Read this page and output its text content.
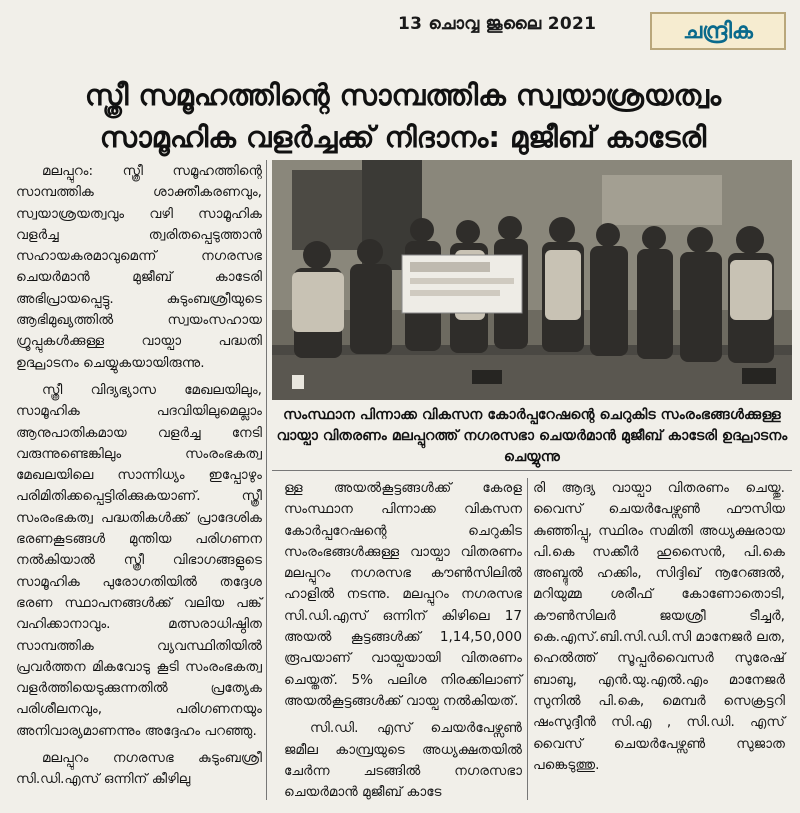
13 ചൊവ്വ ജൂലൈ 2021	ചന്ദ്രിക
സ്ത്രീ സമൂഹത്തിന്റെ സാമ്പത്തിക സ്വയാശ്രയത്വം
സാമൂഹിക വളർച്ചക്ക് നിദാനം: മുജീബ് കാടേരി

മലപ്പുറം: സ്ത്രീ സമൂഹത്തിന്റെ സാമ്പത്തിക ശാക്തീകരണവും, സ്വയാശ്രയത്വവും വഴി സാമൂഹിക വളർച്ച ത്വരിതപ്പെടുത്താൻ സഹായകരമാവുമെന്ന് നഗരസഭ ചെയർമാൻ മുജീബ് കാടേരി അഭിപ്രായപ്പെട്ടു. കുടുംബശ്രീയുടെ ആഭിമുഖ്യത്തിൽ സ്വയംസഹായ ഗ്രൂപ്പുകൾക്കുള്ള വായ്പാ പദ്ധതി ഉദ്ഘാടനം ചെയ്യുകയായിരുന്നു.

സ്ത്രീ വിദ്യഭ്യാസ മേഖലയിലും, സാമൂഹിക പദവിയിലുമെല്ലാം ആനുപാതികമായ വളർച്ച നേടി വരുന്നുണ്ടെങ്കിലും സംരംഭകത്വ മേഖലയിലെ സാന്നിധ്യം ഇപ്പോഴും പരിമിതിക്കപ്പെട്ടിരിക്കുകയാണ്. സ്ത്രീ സംരംഭകത്വ പദ്ധതികൾക്ക് പ്രാദേശിക ഭരണകൂടങ്ങൾ മുന്തിയ പരിഗണന നൽകിയാൽ സ്ത്രീ വിഭാഗങ്ങളുടെ സാമൂഹിക പുരോഗതിയിൽ തദ്ദേശ ഭരണ സ്ഥാപനങ്ങൾക്ക് വലിയ പങ്ക് വഹിക്കാനാവും. മത്സരാധിഷ്ഠിത സാമ്പത്തിക വ്യവസ്ഥിതിയിൽ പ്രവർത്തന മികവോടു കൂടി സംരംഭകത്വ വളർത്തിയെടുക്കുന്നതിൽ പ്രത്യേക പരിശീലനവും, പരിഗണനയും അനിവാര്യമാണന്നും അദ്ദേഹം പറഞ്ഞു.

മലപ്പുറം നഗരസഭ കുടുംബശ്രീ സി.ഡി.എസ് ഒന്നിന് കീഴിലു

സംസ്ഥാന പിന്നാക്ക വികസന കോർപ്പറേഷന്റെ ചെറുകിട സംരംഭങ്ങൾക്കുള്ള വായ്പാ വിതരണം മലപ്പുറത്ത് നഗരസഭാ ചെയർമാൻ മുജീബ് കാടേരി ഉദ്ഘാടനം ചെയ്യുന്നു

ള്ള അയൽകൂട്ടങ്ങൾക്ക് കേരള സംസ്ഥാന പിന്നാക്ക വികസന കോർപ്പറേഷന്റെ ചെറുകിട സംരംഭങ്ങൾക്കുള്ള വായ്പാ വിതരണം മലപ്പുറം നഗരസഭ കൗൺസിലിൽ ഹാളിൽ നടന്നു. മലപ്പുറം നഗരസഭ സി.ഡി.എസ് ഒന്നിന് കിഴിലെ 17 അയൽ കൂട്ടങ്ങൾക്ക് 1,14,50,000 രൂപയാണ് വായ്പയായി വിതരണം ചെയ്തത്. 5% പലിശ നിരക്കിലാണ് അയൽകൂട്ടങ്ങൾക്ക് വായ്പ നൽകിയത്.

സി.ഡി. എസ് ചെയർപേഴ്സൺ ജമീല കാമ്പ്രയുടെ അധ്യക്ഷതയിൽ ചേർന്ന ചടങ്ങിൽ നഗരസഭാ ചെയർമാൻ മുജീബ് കാടേ

രി ആദ്യ വായ്പാ വിതരണം ചെയ്തു. വൈസ് ചെയർപേഴ്സൺ ഫൗസിയ കുഞ്ഞിപ്പു, സ്ഥിരം സമിതി അധ്യക്ഷരായ പി.കെ സക്കീർ ഹുസൈൻ, പി.കെ അബ്ദുൽ ഹക്കിം, സിദ്ദിഖ് നൂറേങ്ങൽ, മറിയുമ്മ ശരീഫ് കോണോതൊടി, കൗൺസിലർ ജയശ്രീ ടീച്ചർ, കെ.എസ്.ബി.സി.ഡി.സി മാനേജർ ലത, ഹെൽത്ത് സൂപ്പർവൈസർ സുരേഷ് ബാബു, എൻ.യു.എൽ.എം മാനേജർ സുനിൽ പി.കെ, മെമ്പർ സെക്രട്ടറി ഷംസുദ്ദീൻ സി.എ , സി.ഡി. എസ് വൈസ് ചെയർപേഴ്സൺ സുജാത പങ്കെടുത്തു.
